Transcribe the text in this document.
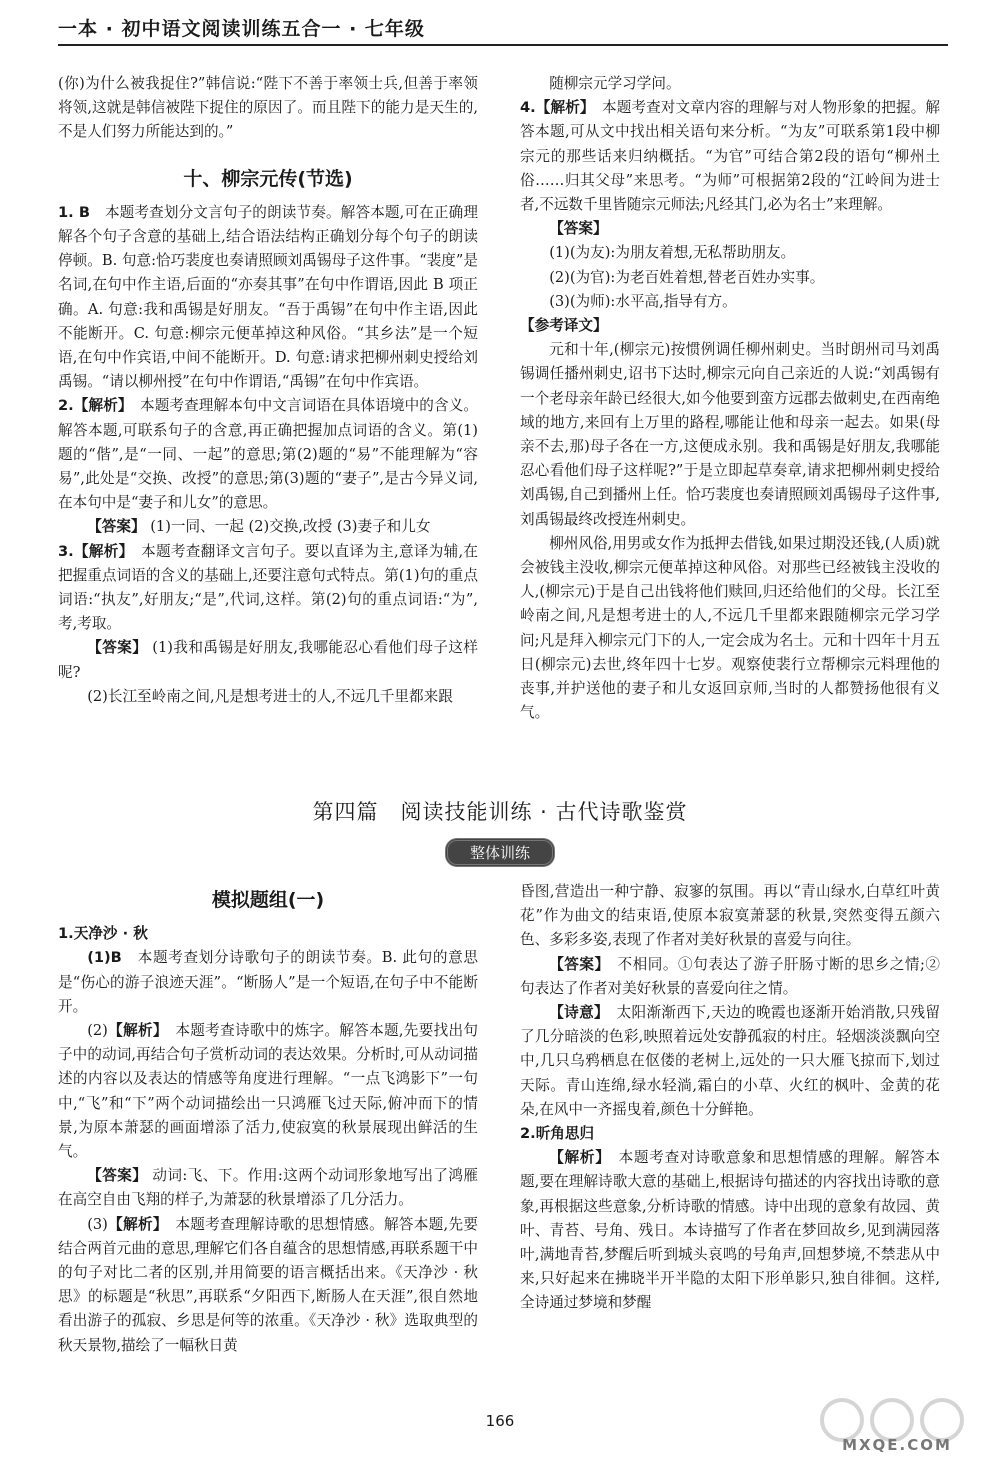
一本 · 初中语文阅读训练五合一 · 七年级

(你)为什么被我捉住?”韩信说:“陛下不善于率领士兵,但善于率领将领,这就是韩信被陛下捉住的原因了。而且陛下的能力是天生的,不是人们努力所能达到的。”

十、柳宗元传(节选)

1. B　 本题考查划分文言句子的朗读节奏。解答本题,可在正确理解各个句子含意的基础上,结合语法结构正确划分每个句子的朗读停顿。B. 句意:恰巧裴度也奏请照顾刘禹锡母子这件事。“裴度”是名词,在句中作主语,后面的“亦奏其事”在句中作谓语,因此 B 项正确。A. 句意:我和禹锡是好朋友。“吾于禹锡”在句中作主语,因此不能断开。C. 句意:柳宗元便革掉这种风俗。“其乡法”是一个短语,在句中作宾语,中间不能断开。D. 句意:请求把柳州刺史授给刘禹锡。“请以柳州授”在句中作谓语,“禹锡”在句中作宾语。

2.【解析】　 本题考查理解本句中文言词语在具体语境中的含义。解答本题,可联系句子的含意,再正确把握加点词语的含义。第(1)题的“偕”,是“一同、一起”的意思;第(2)题的“易”不能理解为“容易”,此处是“交换、改授”的意思;第(3)题的“妻子”,是古今异义词,在本句中是“妻子和儿女”的意思。

【答案】 (1)一同、一起 (2)交换,改授 (3)妻子和儿女

3.【解析】　 本题考查翻译文言句子。要以直译为主,意译为辅,在把握重点词语的含义的基础上,还要注意句式特点。第(1)句的重点词语:“执友”,好朋友;“是”,代词,这样。第(2)句的重点词语:“为”,考,考取。

【答案】 (1)我和禹锡是好朋友,我哪能忍心看他们母子这样呢?

(2)长江至岭南之间,凡是想考进士的人,不远几千里都来跟

随柳宗元学习学问。

4.【解析】　 本题考查对文章内容的理解与对人物形象的把握。解答本题,可从文中找出相关语句来分析。“为友”可联系第1段中柳宗元的那些话来归纳概括。“为官”可结合第2段的语句“柳州土俗……归其父母”来思考。“为师”可根据第2段的“江岭间为进士者,不远数千里皆随宗元师法;凡经其门,必为名士”来理解。

【答案】

(1)(为友):为朋友着想,无私帮助朋友。

(2)(为官):为老百姓着想,替老百姓办实事。

(3)(为师):水平高,指导有方。

【参考译文】

元和十年,(柳宗元)按惯例调任柳州刺史。当时朗州司马刘禹锡调任播州刺史,诏书下达时,柳宗元向自己亲近的人说:“刘禹锡有一个老母亲年龄已经很大,如今他要到蛮方远郡去做刺史,在西南绝域的地方,来回有上万里的路程,哪能让他和母亲一起去。如果(母亲不去,那)母子各在一方,这便成永别。我和禹锡是好朋友,我哪能忍心看他们母子这样呢?”于是立即起草奏章,请求把柳州刺史授给刘禹锡,自己到播州上任。恰巧裴度也奏请照顾刘禹锡母子这件事,刘禹锡最终改授连州刺史。

柳州风俗,用男或女作为抵押去借钱,如果过期没还钱,(人质)就会被钱主没收,柳宗元便革掉这种风俗。对那些已经被钱主没收的人,(柳宗元)于是自己出钱将他们赎回,归还给他们的父母。长江至岭南之间,凡是想考进士的人,不远几千里都来跟随柳宗元学习学问;凡是拜入柳宗元门下的人,一定会成为名士。元和十四年十月五日(柳宗元)去世,终年四十七岁。观察使裴行立帮柳宗元料理他的丧事,并护送他的妻子和儿女返回京师,当时的人都赞扬他很有义气。

第四篇　阅读技能训练 · 古代诗歌鉴赏
整体训练
模拟题组(一)

1.天净沙 · 秋

(1)B　 本题考查划分诗歌句子的朗读节奏。B. 此句的意思是“伤心的游子浪迹天涯”。“断肠人”是一个短语,在句子中不能断开。

(2)【解析】　 本题考查诗歌中的炼字。解答本题,先要找出句子中的动词,再结合句子赏析动词的表达效果。分析时,可从动词描述的内容以及表达的情感等角度进行理解。“一点飞鸿影下”一句中,“飞”和“下”两个动词描绘出一只鸿雁飞过天际,俯冲而下的情景,为原本萧瑟的画面增添了活力,使寂寞的秋景展现出鲜活的生气。

【答案】 动词:飞、下。作用:这两个动词形象地写出了鸿雁在高空自由飞翔的样子,为萧瑟的秋景增添了几分活力。

(3)【解析】　 本题考查理解诗歌的思想情感。解答本题,先要结合两首元曲的意思,理解它们各自蕴含的思想情感,再联系题干中的句子对比二者的区别,并用简要的语言概括出来。《天净沙 · 秋思》的标题是“秋思”,再联系“夕阳西下,断肠人在天涯”,很自然地看出游子的孤寂、乡思是何等的浓重。《天净沙 · 秋》选取典型的秋天景物,描绘了一幅秋日黄

昏图,营造出一种宁静、寂寥的氛围。再以“青山绿水,白草红叶黄花”作为曲文的结束语,使原本寂寞萧瑟的秋景,突然变得五颜六色、多彩多姿,表现了作者对美好秋景的喜爱与向往。

【答案】　 不相同。①句表达了游子肝肠寸断的思乡之情;②句表达了作者对美好秋景的喜爱向往之情。

【诗意】　 太阳渐渐西下,天边的晚霞也逐渐开始消散,只残留了几分暗淡的色彩,映照着远处安静孤寂的村庄。轻烟淡淡飘向空中,几只乌鸦栖息在伛偻的老树上,远处的一只大雁飞掠而下,划过天际。青山连绵,绿水轻淌,霜白的小草、火红的枫叶、金黄的花朵,在风中一齐摇曳着,颜色十分鲜艳。

2.昕角思归

【解析】　 本题考查对诗歌意象和思想情感的理解。解答本题,要在理解诗歌大意的基础上,根据诗句描述的内容找出诗歌的意象,再根据这些意象,分析诗歌的情感。诗中出现的意象有故园、黄叶、青苔、号角、残日。本诗描写了作者在梦回故乡,见到满园落叶,满地青苔,梦醒后听到城头哀鸣的号角声,回想梦境,不禁悲从中来,只好起来在拂晓半开半隐的太阳下形单影只,独自徘徊。这样,全诗通过梦境和梦醒

166
MXQE.COM
